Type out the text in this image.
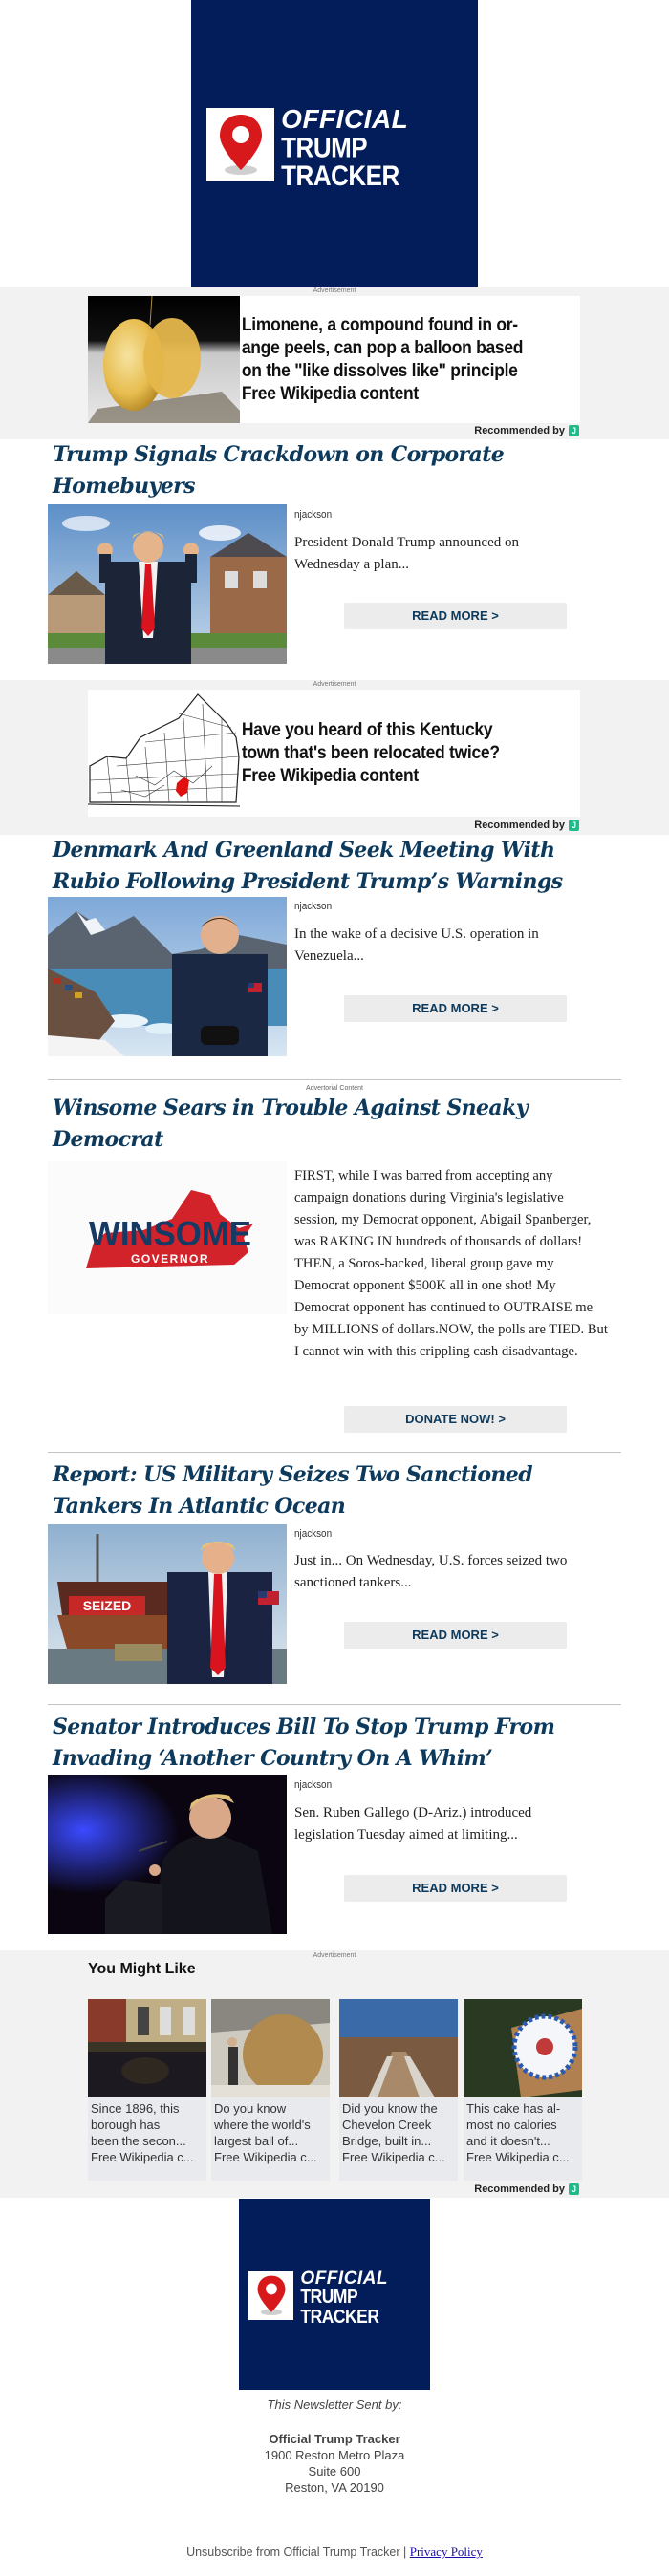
OFFICIAL
TRUMP TRACKER
Advertisement
Limonene, a compound found in or-
ange peels, can pop a balloon based
on the "like dissolves like" principle
Free Wikipedia content
Recommended by J
Trump Signals Crackdown on Corporate Homebuyers
njackson
President Donald Trump announced on Wednesday a plan...
READ MORE >
Advertisement
Have you heard of this Kentucky
town that's been relocated twice?
Free Wikipedia content
Recommended by J
Denmark And Greenland Seek Meeting With Rubio Following President Trump’s Warnings
njackson
In the wake of a decisive U.S. operation in Venezuela...
READ MORE >
Advertorial Content
Winsome Sears in Trouble Against Sneaky Democrat
WINSOME
GOVERNOR
FIRST, while I was barred from accepting any campaign donations during Virginia's legislative session, my Democrat opponent, Abigail Spanberger, was RAKING IN hundreds of thousands of dollars! THEN, a Soros-backed, liberal group gave my Democrat opponent $500K all in one shot! My Democrat opponent has continued to OUTRAISE me by MILLIONS of dollars.NOW, the polls are TIED. But I cannot win with this crippling cash disadvantage.
DONATE NOW! >
Report: US Military Seizes Two Sanctioned Tankers In Atlantic Ocean
SEIZED
njackson
Just in... On Wednesday, U.S. forces seized two sanctioned tankers...
READ MORE >
Senator Introduces Bill To Stop Trump From Invading ‘Another Country On A Whim’
njackson
Sen. Ruben Gallego (D-Ariz.) introduced legislation Tuesday aimed at limiting...
READ MORE >
Advertisement
You Might Like
Since 1896, this
borough has
been the secon...
Free Wikipedia c...
Do you know
where the world's
largest ball of...
Free Wikipedia c...
Did you know the
Chevelon Creek
Bridge, built in...
Free Wikipedia c...
This cake has al-
most no calories
and it doesn't...
Free Wikipedia c...
Recommended by J
OFFICIAL
TRUMP TRACKER
This Newsletter Sent by:
Official Trump Tracker
1900 Reston Metro Plaza
Suite 600
Reston, VA 20190
Unsubscribe from Official Trump Tracker | Privacy Policy
